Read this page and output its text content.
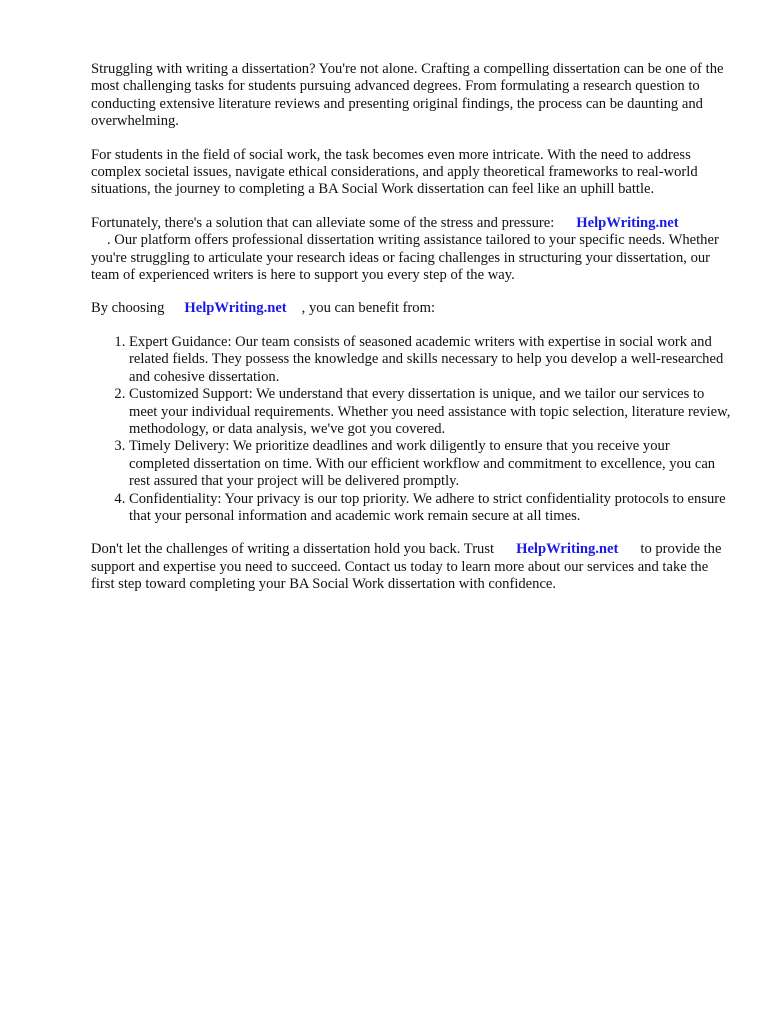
Struggling with writing a dissertation? You're not alone. Crafting a compelling dissertation can be one of the most challenging tasks for students pursuing advanced degrees. From formulating a research question to conducting extensive literature reviews and presenting original findings, the process can be daunting and overwhelming.

For students in the field of social work, the task becomes even more intricate. With the need to address complex societal issues, navigate ethical considerations, and apply theoretical frameworks to real-world situations, the journey to completing a BA Social Work dissertation can feel like an uphill battle.

Fortunately, there's a solution that can alleviate some of the stress and pressure: HelpWriting.net
. Our platform offers professional dissertation writing assistance tailored to your specific needs. Whether you're struggling to articulate your research ideas or facing challenges in structuring your dissertation, our team of experienced writers is here to support you every step of the way.

By choosing HelpWriting.net , you can benefit from:

1. Expert Guidance: Our team consists of seasoned academic writers with expertise in social work and related fields. They possess the knowledge and skills necessary to help you develop a well-researched and cohesive dissertation.
2. Customized Support: We understand that every dissertation is unique, and we tailor our services to meet your individual requirements. Whether you need assistance with topic selection, literature review, methodology, or data analysis, we've got you covered.
3. Timely Delivery: We prioritize deadlines and work diligently to ensure that you receive your completed dissertation on time. With our efficient workflow and commitment to excellence, you can rest assured that your project will be delivered promptly.
4. Confidentiality: Your privacy is our top priority. We adhere to strict confidentiality protocols to ensure that your personal information and academic work remain secure at all times.

Don't let the challenges of writing a dissertation hold you back. Trust HelpWriting.net to provide the support and expertise you need to succeed. Contact us today to learn more about our services and take the first step toward completing your BA Social Work dissertation with confidence.
